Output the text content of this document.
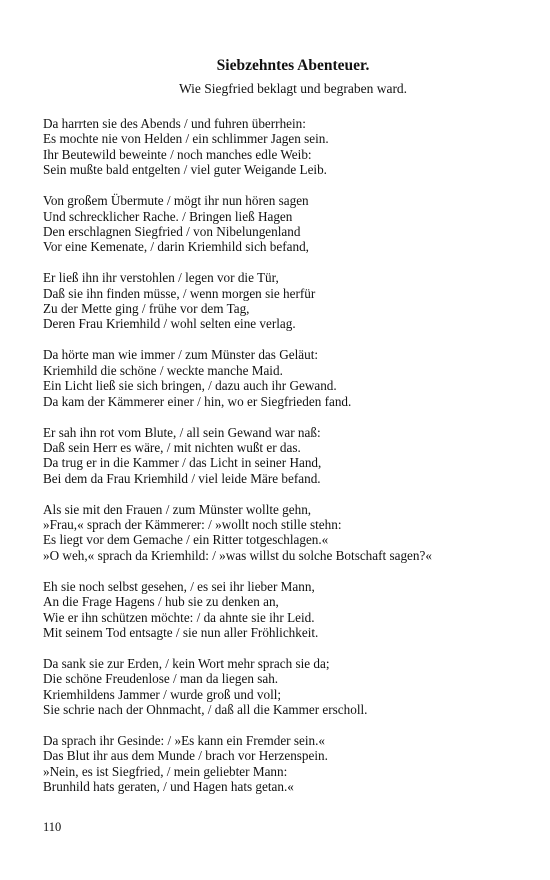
Siebzehntes Abenteuer.
Wie Siegfried beklagt und begraben ward.
Da harrten sie des Abends / und fuhren überrhein:
Es mochte nie von Helden / ein schlimmer Jagen sein.
Ihr Beutewild beweinte / noch manches edle Weib:
Sein mußte bald entgelten / viel guter Weigande Leib.
Von großem Übermute / mögt ihr nun hören sagen
Und schrecklicher Rache. / Bringen ließ Hagen
Den erschlagnen Siegfried / von Nibelungenland
Vor eine Kemenate, / darin Kriemhild sich befand,
Er ließ ihn ihr verstohlen / legen vor die Tür,
Daß sie ihn finden müsse, / wenn morgen sie herfür
Zu der Mette ging / frühe vor dem Tag,
Deren Frau Kriemhild / wohl selten eine verlag.
Da hörte man wie immer / zum Münster das Geläut:
Kriemhild die schöne / weckte manche Maid.
Ein Licht ließ sie sich bringen, / dazu auch ihr Gewand.
Da kam der Kämmerer einer / hin, wo er Siegfrieden fand.
Er sah ihn rot vom Blute, / all sein Gewand war naß:
Daß sein Herr es wäre, / mit nichten wußt er das.
Da trug er in die Kammer / das Licht in seiner Hand,
Bei dem da Frau Kriemhild / viel leide Märe befand.
Als sie mit den Frauen / zum Münster wollte gehn,
»Frau,« sprach der Kämmerer: / »wollt noch stille stehn:
Es liegt vor dem Gemache / ein Ritter totgeschlagen.«
»O weh,« sprach da Kriemhild: / »was willst du solche Botschaft sagen?«
Eh sie noch selbst gesehen, / es sei ihr lieber Mann,
An die Frage Hagens / hub sie zu denken an,
Wie er ihn schützen möchte: / da ahnte sie ihr Leid.
Mit seinem Tod entsagte / sie nun aller Fröhlichkeit.
Da sank sie zur Erden, / kein Wort mehr sprach sie da;
Die schöne Freudenlose / man da liegen sah.
Kriemhildens Jammer / wurde groß und voll;
Sie schrie nach der Ohnmacht, / daß all die Kammer erscholl.
Da sprach ihr Gesinde: / »Es kann ein Fremder sein.«
Das Blut ihr aus dem Munde / brach vor Herzenspein.
»Nein, es ist Siegfried, / mein geliebter Mann:
Brunhild hats geraten, / und Hagen hats getan.«
110
